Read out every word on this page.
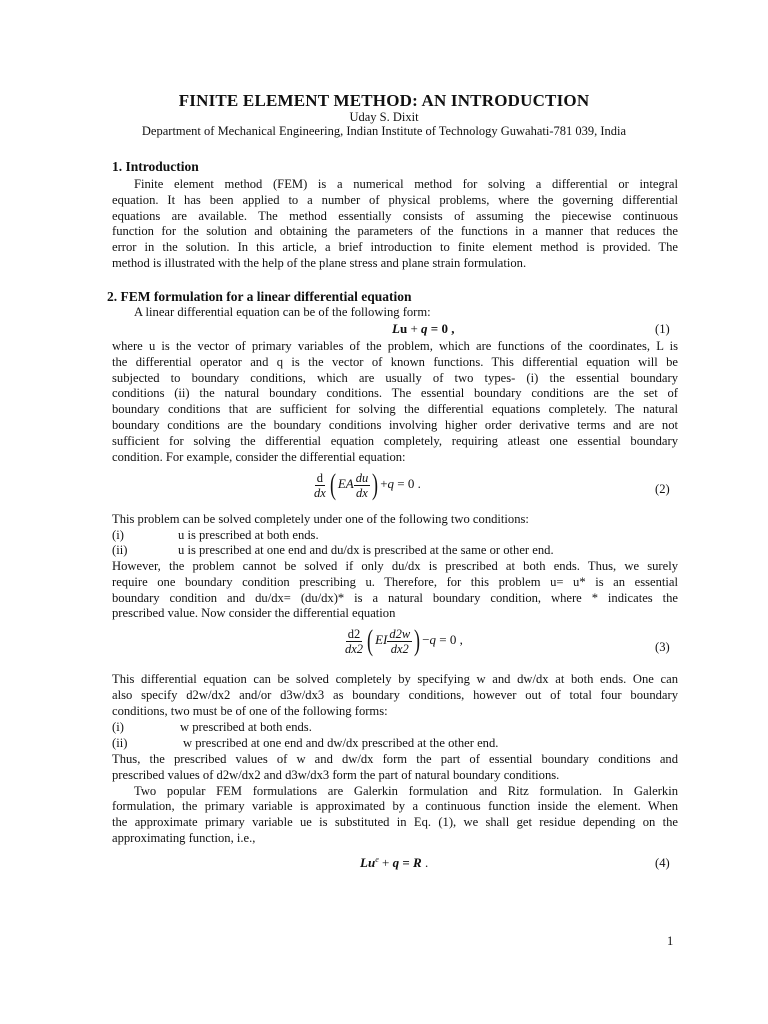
FINITE ELEMENT METHOD: AN INTRODUCTION
Uday S. Dixit
Department of Mechanical Engineering, Indian Institute of Technology Guwahati-781 039, India
1. Introduction
Finite element method (FEM) is a numerical method for solving a differential or integral
equation. It has been applied to a number of physical problems, where the governing differential
equations are available. The method essentially consists of assuming the piecewise continuous
function for the solution and obtaining the parameters of the functions in a manner that reduces the
error in the solution. In this article, a brief introduction to finite element method is provided. The
method is illustrated with the help of the plane stress and plane strain formulation.
2. FEM formulation for a linear differential equation
A linear differential equation can be of the following form:
Lu + q = 0 ,	(1)
where u is the vector of primary variables of the problem, which are functions of the coordinates, L is
the differential operator and q is the vector of known functions. This differential equation will be
subjected to boundary conditions, which are usually of two types- (i) the essential boundary
conditions (ii) the natural boundary conditions. The essential boundary conditions are the set of
boundary conditions that are sufficient for solving the differential equations completely. The natural
boundary conditions are the boundary conditions involving higher order derivative terms and are not
sufficient for solving the differential equation completely, requiring atleast one essential boundary
condition. For example, consider the differential equation:
$\frac{d}{dx}$ ( EA $\frac{du}{dx}$ ) +q = 0 .	(2)
This problem can be solved completely under one of the following two conditions:
(i)	u is prescribed at both ends.
(ii)	u is prescribed at one end and du/dx is prescribed at the same or other end.
However, the problem cannot be solved if only du/dx is prescribed at both ends. Thus, we surely
require one boundary condition prescribing u. Therefore, for this problem u= u* is an essential
boundary condition and du/dx= (du/dx)* is a natural boundary condition, where * indicates the
prescribed value. Now consider the differential equation
$\frac{d2}{dx2}$ ( EI $\frac{d2w}{dx2}$ ) −q = 0 ,
(3)
This differential equation can be solved completely by specifying w and dw/dx at both ends. One can
also specify d2w/dx2 and/or d3w/dx3 as boundary conditions, however out of total four boundary
conditions, two must be of one of the following forms:
(i)	w prescribed at both ends.
(ii)	w prescribed at one end and dw/dx prescribed at the other end.
Thus, the prescribed values of w and dw/dx form the part of essential boundary conditions and
prescribed values of d2w/dx2 and d3w/dx3 form the part of natural boundary conditions.
Two popular FEM formulations are Galerkin formulation and Ritz formulation. In Galerkin
formulation, the primary variable is approximated by a continuous function inside the element. When
the approximate primary variable ue is substituted in Eq. (1), we shall get residue depending on the
approximating function, i.e.,
$Lu^e + q = R$ .	(4)
1
